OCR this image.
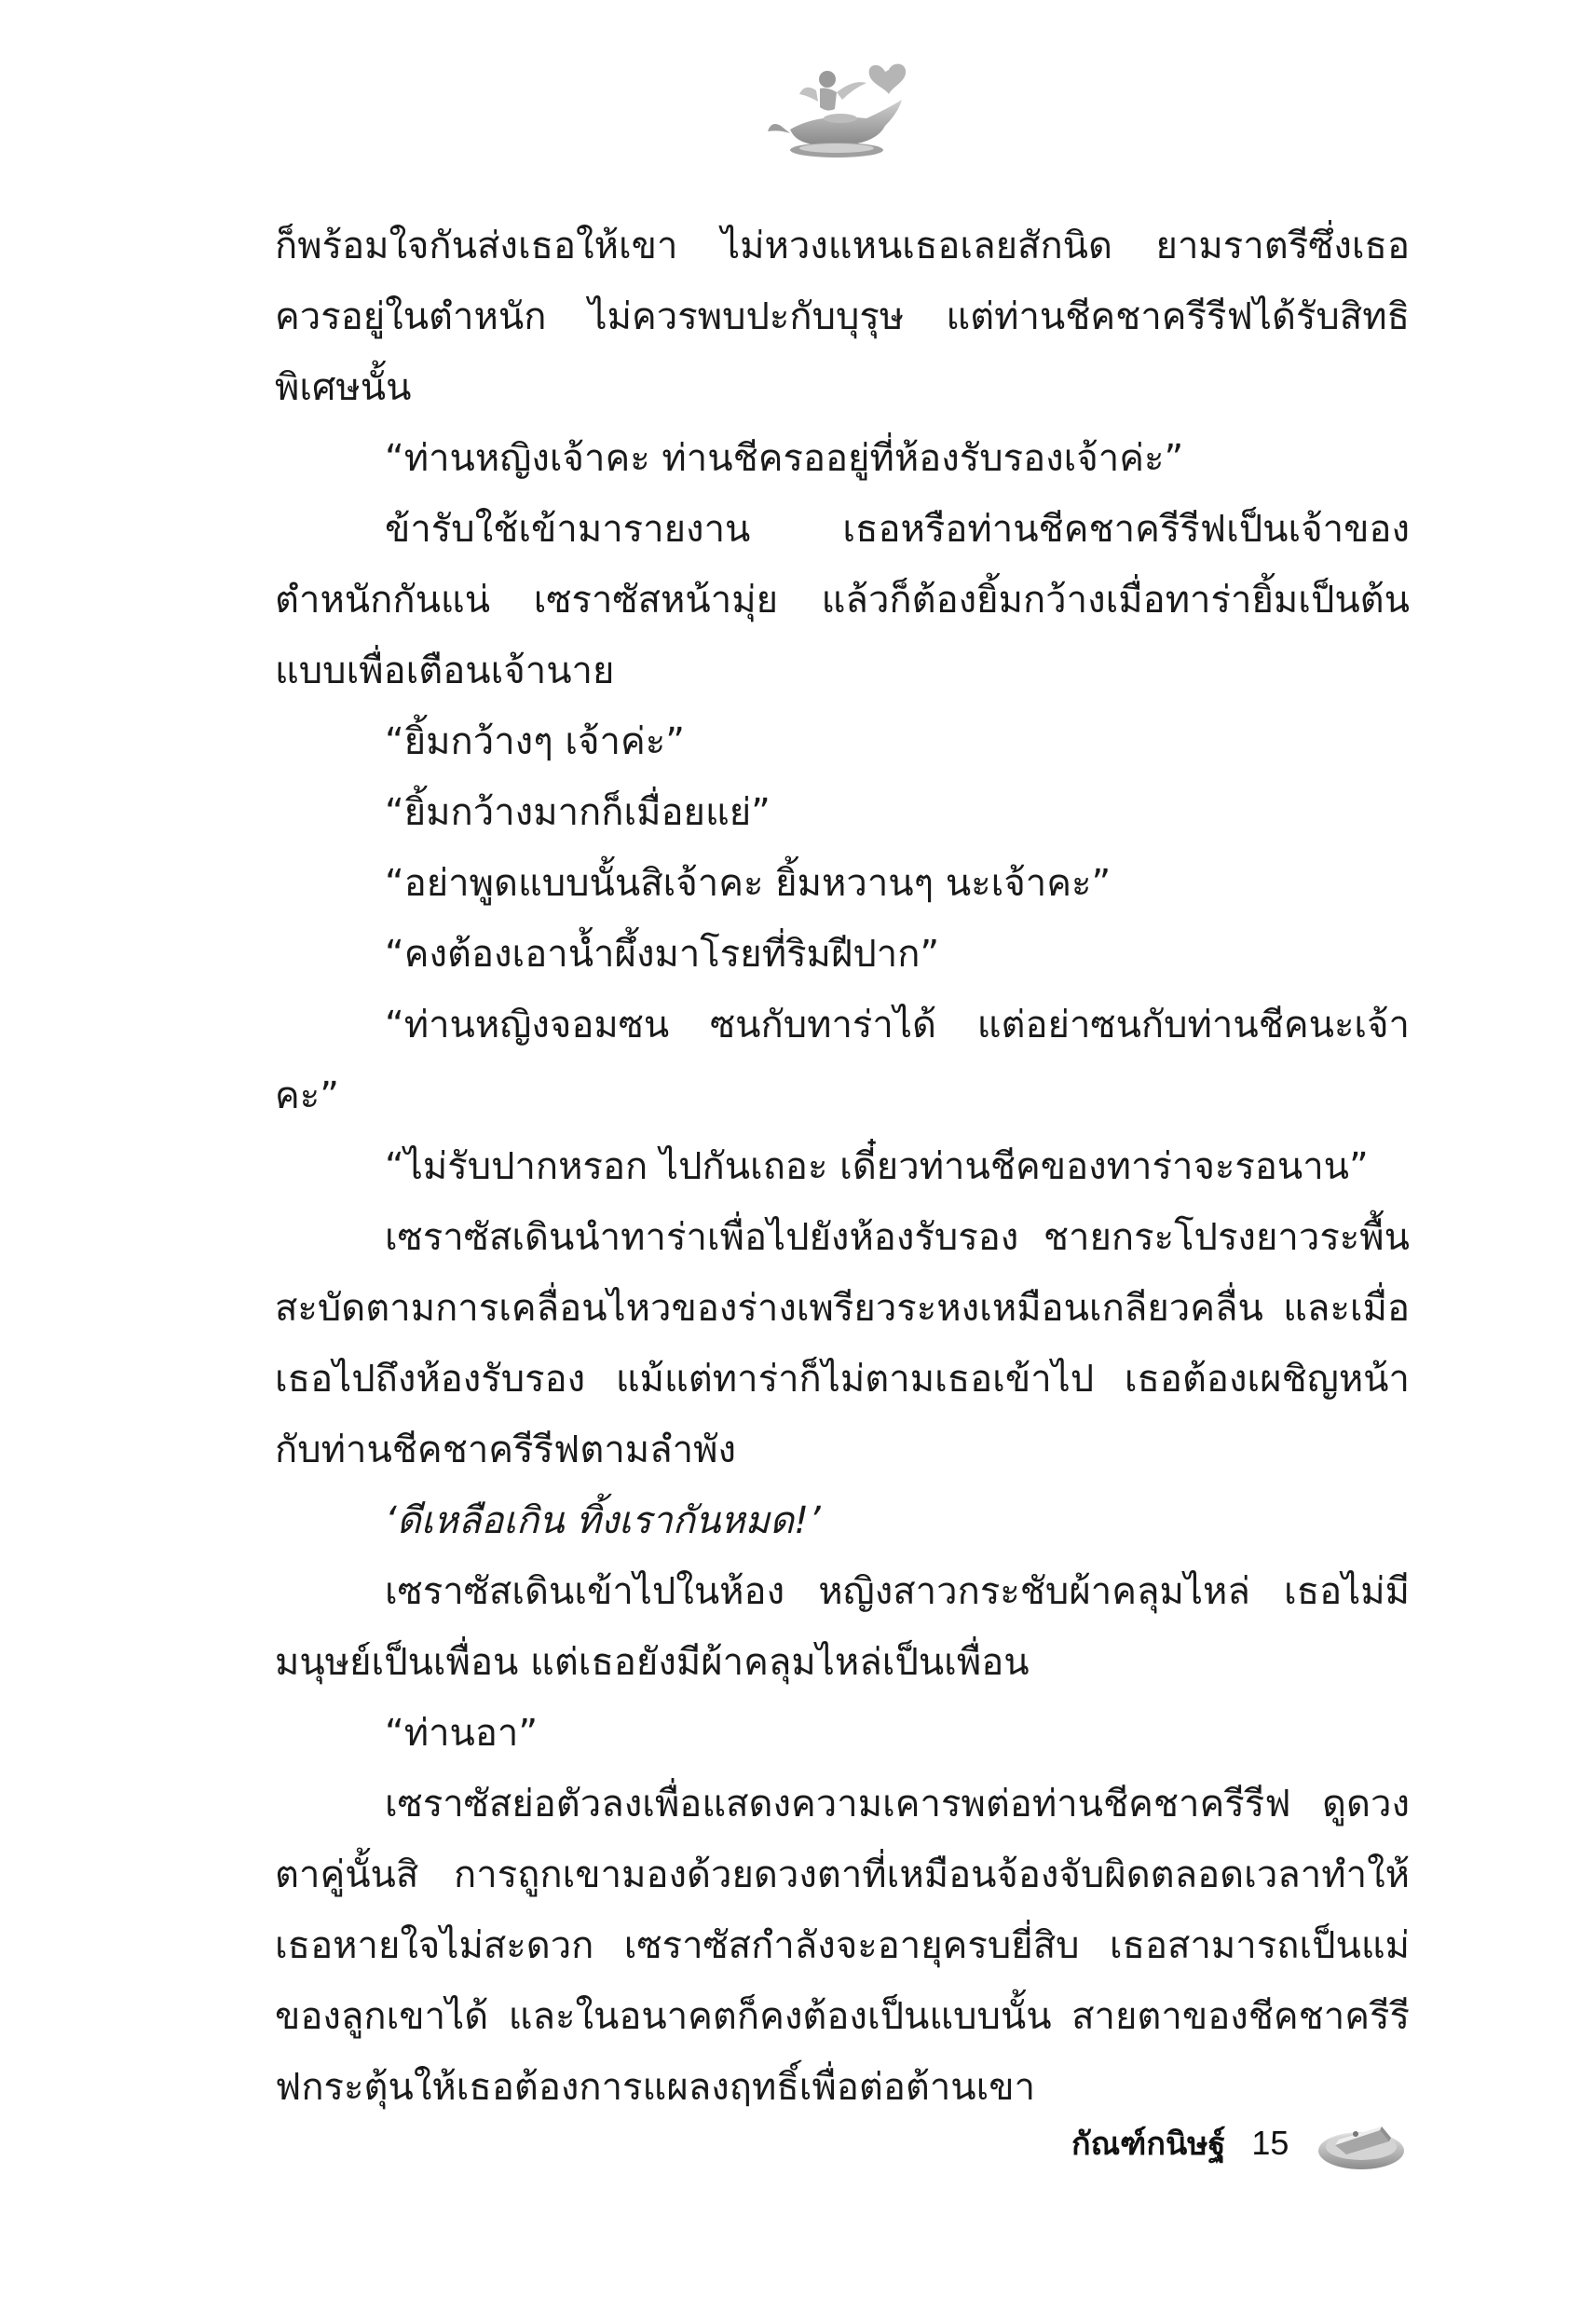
ก็พร้อมใจกันส่งเธอให้เขา ไม่หวงแหนเธอเลยสักนิด ยามราตรีซึ่งเธอควรอยู่ในตำหนัก ไม่ควรพบปะกับบุรุษ แต่ท่านชีคชาครีรีฟได้รับสิทธิพิเศษนั้น

“ท่านหญิงเจ้าคะ ท่านชีครออยู่ที่ห้องรับรองเจ้าค่ะ”

ข้ารับใช้เข้ามารายงาน เธอหรือท่านชีคชาครีรีฟเป็นเจ้าของตำหนักกันแน่ เซราซัสหน้ามุ่ย แล้วก็ต้องยิ้มกว้างเมื่อทาร่ายิ้มเป็นต้นแบบเพื่อเตือนเจ้านาย

“ยิ้มกว้างๆ เจ้าค่ะ”

“ยิ้มกว้างมากก็เมื่อยแย่”

“อย่าพูดแบบนั้นสิเจ้าคะ ยิ้มหวานๆ นะเจ้าคะ”

“คงต้องเอาน้ำผึ้งมาโรยที่ริมฝีปาก”

“ท่านหญิงจอมซน ซนกับทาร่าได้ แต่อย่าซนกับท่านชีคนะเจ้าคะ”

“ไม่รับปากหรอก ไปกันเถอะ เดี๋ยวท่านชีคของทาร่าจะรอนาน”

เซราซัสเดินนำทาร่าเพื่อไปยังห้องรับรอง ชายกระโปรงยาวระพื้นสะบัดตามการเคลื่อนไหวของร่างเพรียวระหงเหมือนเกลียวคลื่น และเมื่อเธอไปถึงห้องรับรอง แม้แต่ทาร่าก็ไม่ตามเธอเข้าไป เธอต้องเผชิญหน้ากับท่านชีคชาครีรีฟตามลำพัง

‘ดีเหลือเกิน ทิ้งเรากันหมด!’

เซราซัสเดินเข้าไปในห้อง หญิงสาวกระชับผ้าคลุมไหล่ เธอไม่มีมนุษย์เป็นเพื่อน แต่เธอยังมีผ้าคลุมไหล่เป็นเพื่อน

“ท่านอา”

เซราซัสย่อตัวลงเพื่อแสดงความเคารพต่อท่านชีคชาครีรีฟ ดูดวงตาคู่นั้นสิ การถูกเขามองด้วยดวงตาที่เหมือนจ้องจับผิดตลอดเวลาทำให้เธอหายใจไม่สะดวก เซราซัสกำลังจะอายุครบยี่สิบ เธอสามารถเป็นแม่ของลูกเขาได้ และในอนาคตก็คงต้องเป็นแบบนั้น สายตาของชีคชาครีรีฟกระตุ้นให้เธอต้องการแผลงฤทธิ์เพื่อต่อต้านเขา

กัณฑ์กนิษฐ์ 15
